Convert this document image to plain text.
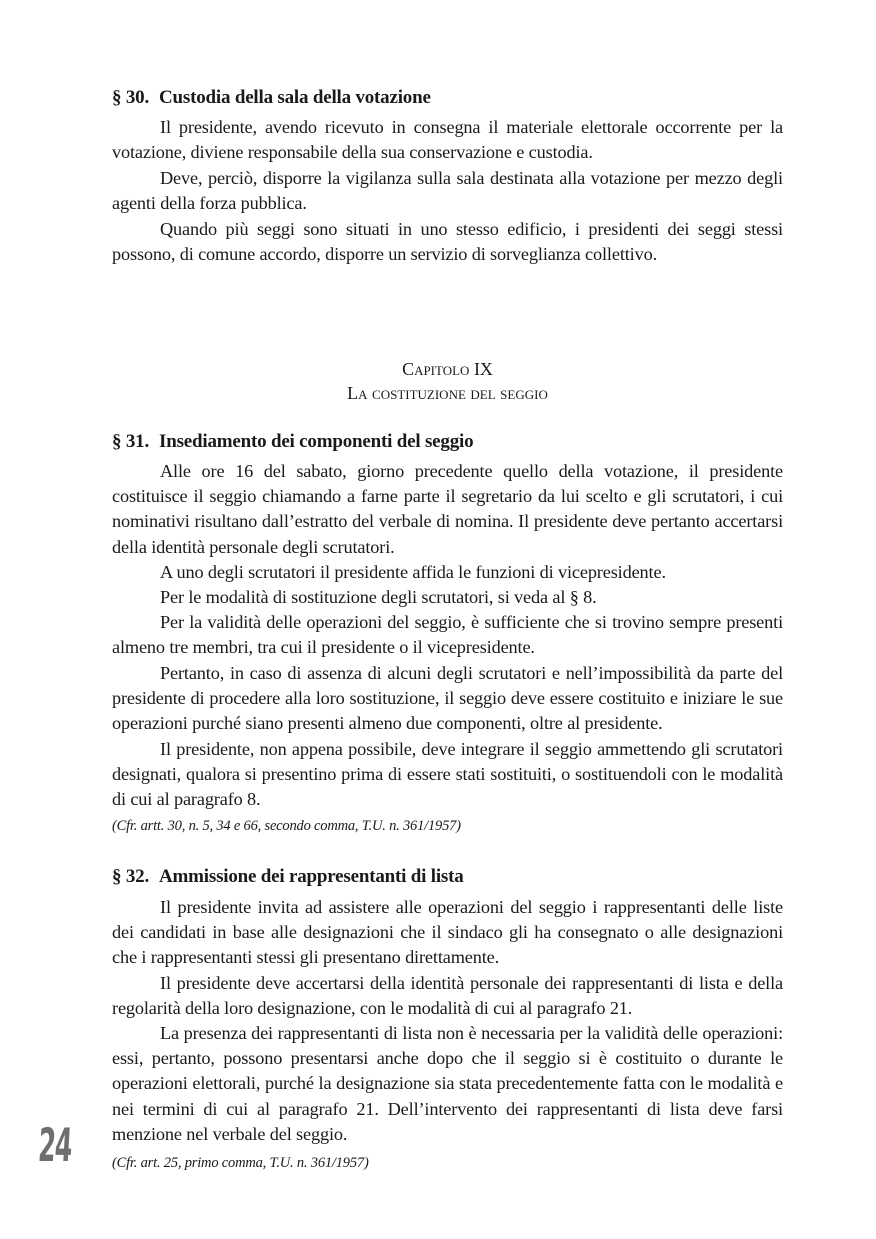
§ 30. Custodia della sala della votazione

Il presidente, avendo ricevuto in consegna il materiale elettorale occorrente per la votazione, diviene responsabile della sua conservazione e custodia.

Deve, perciò, disporre la vigilanza sulla sala destinata alla votazione per mezzo degli agenti della forza pubblica.

Quando più seggi sono situati in uno stesso edificio, i presidenti dei seggi stessi possono, di comune accordo, disporre un servizio di sorveglianza collettivo.

Capitolo IX
La costituzione del seggio
§ 31. Insediamento dei componenti del seggio

Alle ore 16 del sabato, giorno precedente quello della votazione, il presidente costituisce il seggio chiamando a farne parte il segretario da lui scelto e gli scrutatori, i cui nominativi risultano dall’estratto del verbale di nomina. Il presidente deve pertanto accertarsi della identità personale degli scrutatori.

A uno degli scrutatori il presidente affida le funzioni di vicepresidente.

Per le modalità di sostituzione degli scrutatori, si veda al § 8.

Per la validità delle operazioni del seggio, è sufficiente che si trovino sempre presenti almeno tre membri, tra cui il presidente o il vicepresidente.

Pertanto, in caso di assenza di alcuni degli scrutatori e nell’impossibilità da parte del presidente di procedere alla loro sostituzione, il seggio deve essere costituito e iniziare le sue operazioni purché siano presenti almeno due componenti, oltre al presidente.

Il presidente, non appena possibile, deve integrare il seggio ammettendo gli scrutatori designati, qualora si presentino prima di essere stati sostituiti, o sostituendoli con le modalità di cui al paragrafo 8.

(Cfr. artt. 30, n. 5, 34 e 66, secondo comma, T.U. n. 361/1957)
§ 32. Ammissione dei rappresentanti di lista

Il presidente invita ad assistere alle operazioni del seggio i rappresentanti delle liste dei candidati in base alle designazioni che il sindaco gli ha consegnato o alle designazioni che i rappresentanti stessi gli presentano direttamente.

Il presidente deve accertarsi della identità personale dei rappresentanti di lista e della regolarità della loro designazione, con le modalità di cui al paragrafo 21.

La presenza dei rappresentanti di lista non è necessaria per la validità delle operazioni: essi, pertanto, possono presentarsi anche dopo che il seggio si è costituito o durante le operazioni elettorali, purché la designazione sia stata precedentemente fatta con le modalità e nei termini di cui al paragrafo 21. Dell’intervento dei rappresentanti di lista deve farsi menzione nel verbale del seggio.

(Cfr. art. 25, primo comma, T.U. n. 361/1957)
24
